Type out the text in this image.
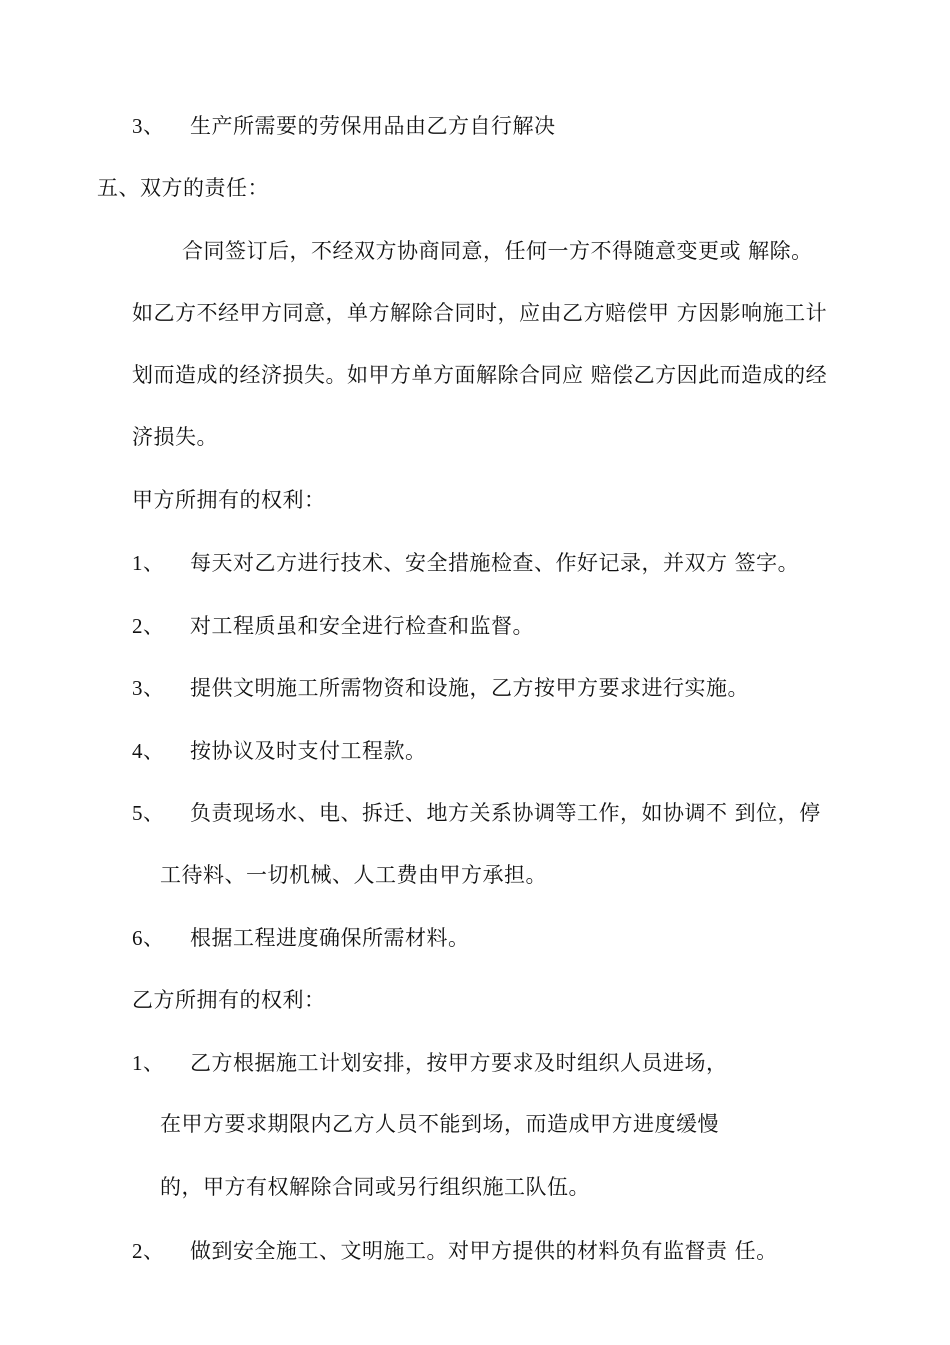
3、 生产所需要的劳保用品由乙方自行解决
五、双方的责任：
合同签订后，不经双方协商同意，任何一方不得随意变更或 解除。
如乙方不经甲方同意，单方解除合同时，应由乙方赔偿甲 方因影响施工计
划而造成的经济损失。如甲方单方面解除合同应 赔偿乙方因此而造成的经
济损失。
甲方所拥有的权利：
1、 每天对乙方进行技术、安全措施检查、作好记录，并双方 签字。
2、 对工程质虽和安全进行检查和监督。
3、 提供文明施工所需物资和设施，乙方按甲方要求进行实施。
4、 按协议及时支付工程款。
5、 负责现场水、电、拆迁、地方关系协调等工作，如协调不 到位，停
工待料、一切机械、人工费由甲方承担。
6、 根据工程进度确保所需材料。
乙方所拥有的权利：
1、 乙方根据施工计划安排，按甲方要求及时组织人员进场，
在甲方要求期限内乙方人员不能到场，而造成甲方进度缓慢
的，甲方有权解除合同或另行组织施工队伍。
2、 做到安全施工、文明施工。对甲方提供的材料负有监督责 任。
